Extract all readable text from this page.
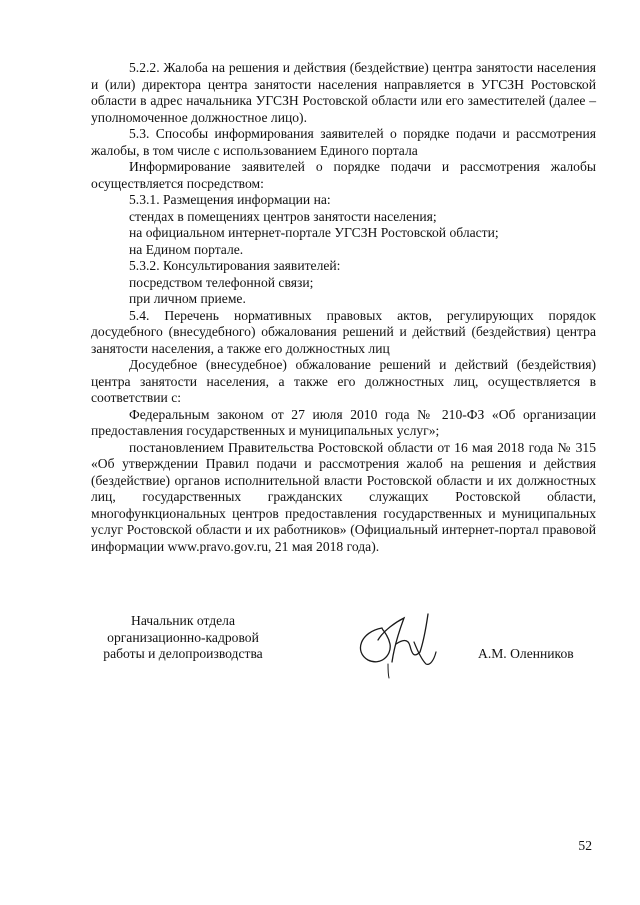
5.2.2. Жалоба на решения и действия (бездействие) центра занятости населения и (или) директора центра занятости населения направляется в УГСЗН Ростовской области в адрес начальника УГСЗН Ростовской области или его заместителей (далее – уполномоченное должностное лицо).

5.3. Способы информирования заявителей о порядке подачи и рассмотрения жалобы, в том числе с использованием Единого портала

Информирование заявителей о порядке подачи и рассмотрения жалобы осуществляется посредством:

5.3.1. Размещения информации на:

стендах в помещениях центров занятости населения;

на официальном интернет-портале УГСЗН Ростовской области;

на Едином портале.

5.3.2. Консультирования заявителей:

посредством телефонной связи;

при личном приеме.

5.4. Перечень нормативных правовых актов, регулирующих порядок досудебного (внесудебного) обжалования решений и действий (бездействия) центра занятости населения, а также его должностных лиц

Досудебное (внесудебное) обжалование решений и действий (бездействия) центра занятости населения, а также его должностных лиц, осуществляется в соответствии с:

Федеральным законом от 27 июля 2010 года № 210-ФЗ «Об организации предоставления государственных и муниципальных услуг»;

постановлением Правительства Ростовской области от 16 мая 2018 года № 315 «Об утверждении Правил подачи и рассмотрения жалоб на решения и действия (бездействие) органов исполнительной власти Ростовской области и их должностных лиц, государственных гражданских служащих Ростовской области, многофункциональных центров предоставления государственных и муниципальных услуг Ростовской области и их работников» (Официальный интернет-портал правовой информации www.pravo.gov.ru, 21 мая 2018 года).

Начальник отдела
организационно-кадровой
работы и делопроизводства	А.М. Оленников
52
